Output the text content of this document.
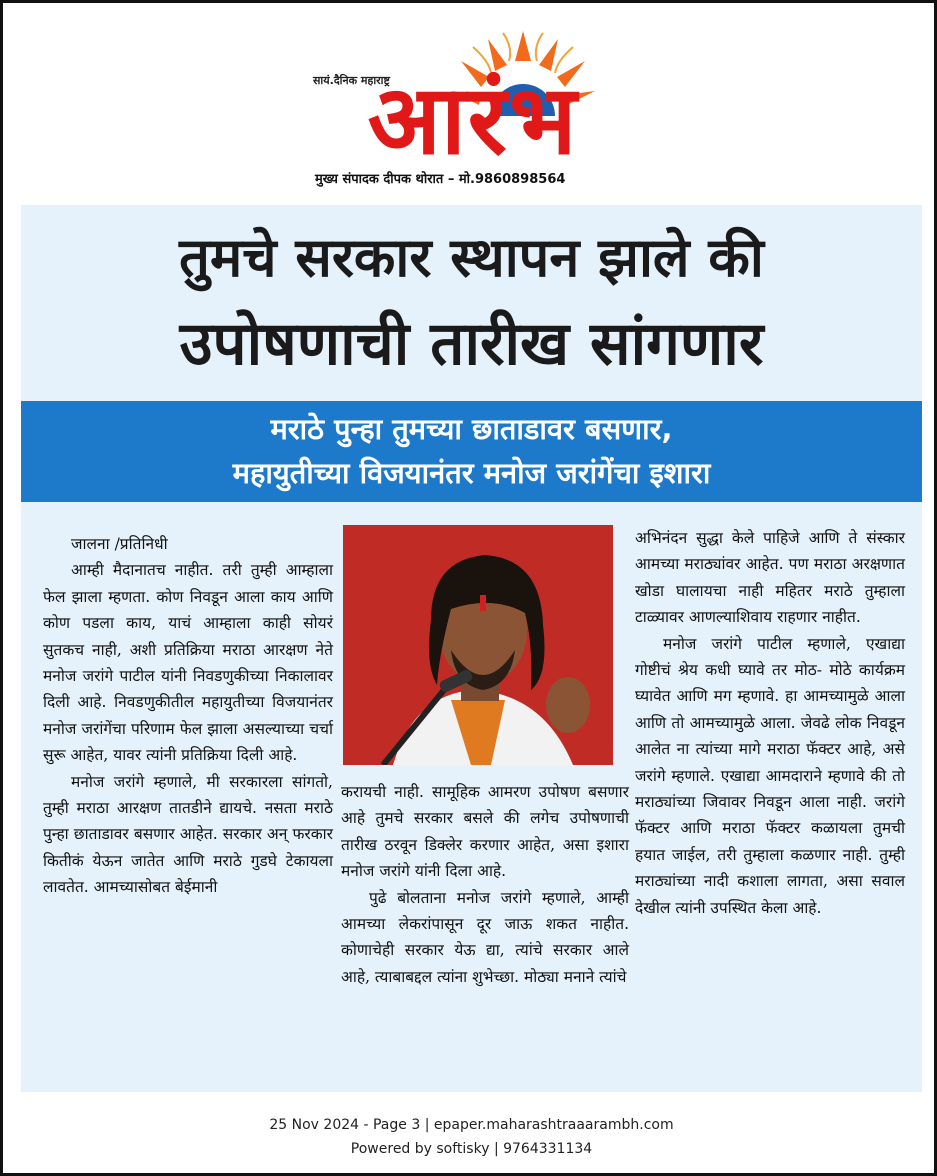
सायं.दैनिक महाराष्ट्र
आरंभ
मुख्य संपादक दीपक थोरात – मो.9860898564
तुमचे सरकार स्थापन झाले की
उपोषणाची तारीख सांगणार
मराठे पुन्हा तुमच्या छाताडावर बसणार,
महायुतीच्या विजयानंतर मनोज जरांगेंचा इशारा

जालना /प्रतिनिधी

आम्ही मैदानातच नाहीत. तरी तुम्ही आम्हाला फेल झाला म्हणता. कोण निवडून आला काय आणि कोण पडला काय, याचं आम्हाला काही सोयरं सुतकच नाही, अशी प्रतिक्रिया मराठा आरक्षण नेते मनोज जरांगे पाटील यांनी निवडणुकीच्या निकालावर दिली आहे. निवडणुकीतील महायुतीच्या विजयानंतर मनोज जरांगेंचा परिणाम फेल झाला असल्याच्या चर्चा सुरू आहेत, यावर त्यांनी प्रतिक्रिया दिली आहे.

मनोज जरांगे म्हणाले, मी सरकारला सांगतो, तुम्ही मराठा आरक्षण तातडीने द्यायचे. नसता मराठे पुन्हा छाताडावर बसणार आहेत. सरकार अन् फरकार कितीकं येऊन जातेत आणि मराठे गुडघे टेकायला लावतेत. आमच्यासोबत बेईमानी

करायची नाही. सामूहिक आमरण उपोषण बसणार आहे तुमचे सरकार बसले की लगेच उपोषणाची तारीख ठरवून डिक्लेर करणार आहेत, असा इशारा मनोज जरांगे यांनी दिला आहे.

पुढे बोलताना मनोज जरांगे म्हणाले, आम्ही आमच्या लेकरांपासून दूर जाऊ शकत नाहीत. कोणाचेही सरकार येऊ द्या, त्यांचे सरकार आले आहे, त्याबाबद्दल त्यांना शुभेच्छा. मोठ्या मनाने त्यांचे

अभिनंदन सुद्धा केले पाहिजे आणि ते संस्कार आमच्या मराठ्यांवर आहेत. पण मराठा अरक्षणात खोडा घालायचा नाही महितर मराठे तुम्हाला टाळ्यावर आणल्याशिवाय राहणार नाहीत.

मनोज जरांगे पाटील म्हणाले, एखाद्या गोष्टीचं श्रेय कधी घ्यावे तर मोठ- मोठे कार्यक्रम घ्यावेत आणि मग म्हणावे. हा आमच्यामुळे आला आणि तो आमच्यामुळे आला. जेवढे लोक निवडून आलेत ना त्यांच्या मागे मराठा फॅक्टर आहे, असे जरांगे म्हणाले. एखाद्या आमदाराने म्हणावे की तो मराठ्यांच्या जिवावर निवडून आला नाही. जरांगे फॅक्टर आणि मराठा फॅक्टर कळायला तुमची हयात जाईल, तरी तुम्हाला कळणार नाही. तुम्ही मराठ्यांच्या नादी कशाला लागता, असा सवाल देखील त्यांनी उपस्थित केला आहे.

25 Nov 2024 - Page 3 | epaper.maharashtraaarambh.com
Powered by softisky | 9764331134
